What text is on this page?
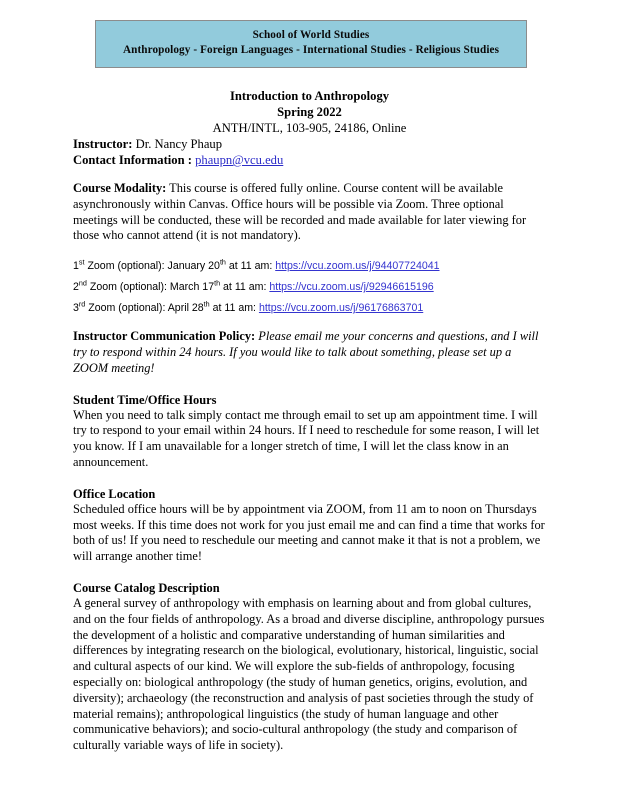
School of World Studies
Anthropology - Foreign Languages - International Studies - Religious Studies
Introduction to Anthropology
Spring 2022
ANTH/INTL, 103-905, 24186, Online
Instructor: Dr. Nancy Phaup
Contact Information : phaupn@vcu.edu
Course Modality: This course is offered fully online. Course content will be available asynchronously within Canvas. Office hours will be possible via Zoom. Three optional meetings will be conducted, these will be recorded and made available for later viewing for those who cannot attend (it is not mandatory).
1st Zoom (optional): January 20th at 11 am: https://vcu.zoom.us/j/94407724041
2nd Zoom (optional): March 17th at 11 am: https://vcu.zoom.us/j/92946615196
3rd Zoom (optional): April 28th at 11 am: https://vcu.zoom.us/j/96176863701
Instructor Communication Policy: Please email me your concerns and questions, and I will try to respond within 24 hours. If you would like to talk about something, please set up a ZOOM meeting!
Student Time/Office Hours
When you need to talk simply contact me through email to set up am appointment time. I will try to respond to your email within 24 hours. If I need to reschedule for some reason, I will let you know. If I am unavailable for a longer stretch of time, I will let the class know in an announcement.
Office Location
Scheduled office hours will be by appointment via ZOOM, from 11 am to noon on Thursdays most weeks. If this time does not work for you just email me and can find a time that works for both of us! If you need to reschedule our meeting and cannot make it that is not a problem, we will arrange another time!
Course Catalog Description
A general survey of anthropology with emphasis on learning about and from global cultures, and on the four fields of anthropology. As a broad and diverse discipline, anthropology pursues the development of a holistic and comparative understanding of human similarities and differences by integrating research on the biological, evolutionary, historical, linguistic, social and cultural aspects of our kind. We will explore the sub-fields of anthropology, focusing especially on: biological anthropology (the study of human genetics, origins, evolution, and diversity); archaeology (the reconstruction and analysis of past societies through the study of material remains); anthropological linguistics (the study of human language and other communicative behaviors); and socio-cultural anthropology (the study and comparison of culturally variable ways of life in society).
